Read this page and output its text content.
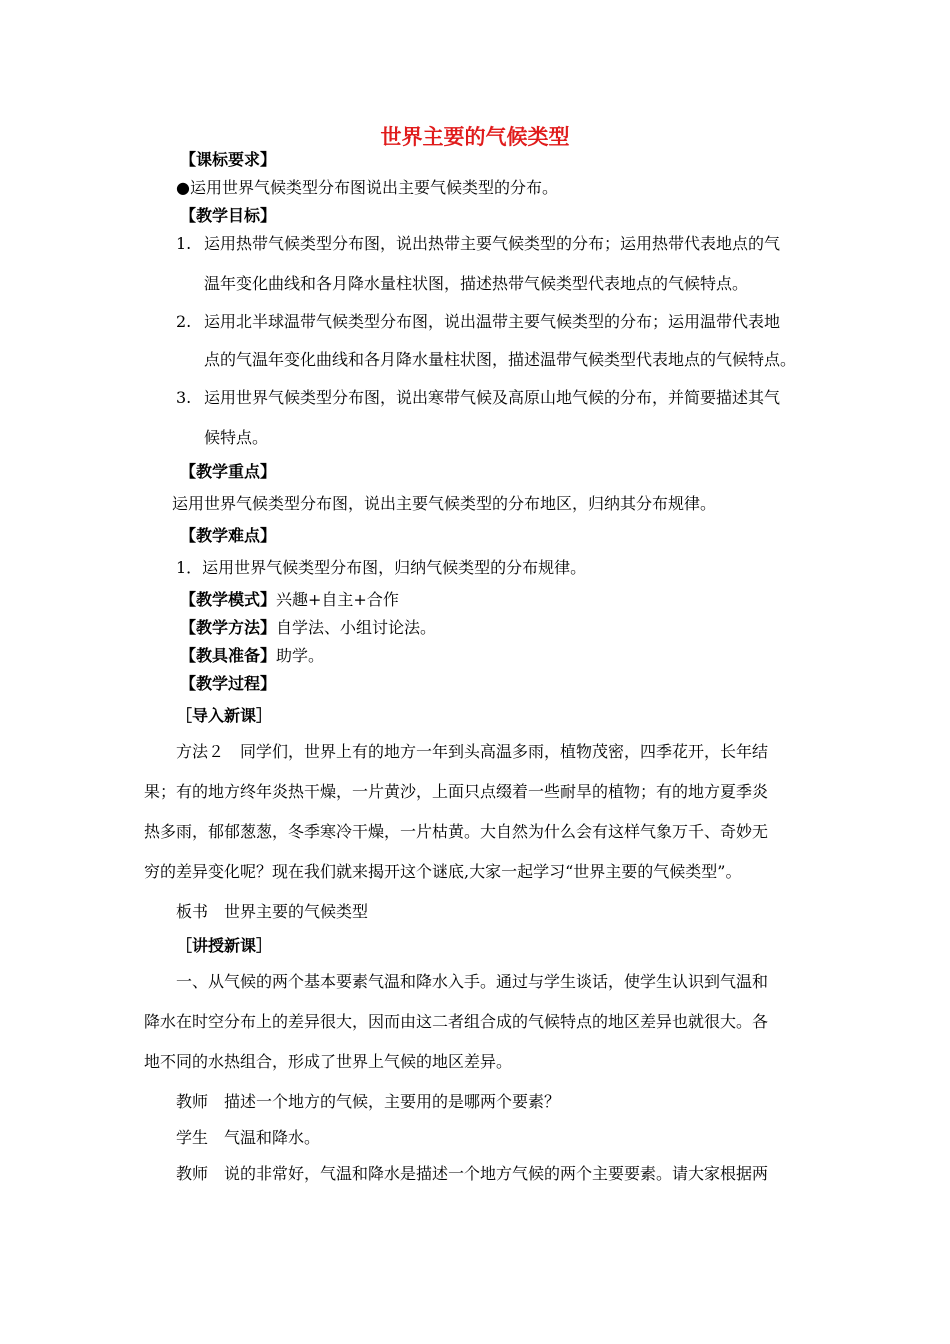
世界主要的气候类型
【课标要求】
●运用世界气候类型分布图说出主要气候类型的分布。
【教学目标】
1. 运用热带气候类型分布图，说出热带主要气候类型的分布；运用热带代表地点的气
温年变化曲线和各月降水量柱状图，描述热带气候类型代表地点的气候特点。
2. 运用北半球温带气候类型分布图，说出温带主要气候类型的分布；运用温带代表地
点的气温年变化曲线和各月降水量柱状图，描述温带气候类型代表地点的气候特点。
3. 运用世界气候类型分布图，说出寒带气候及高原山地气候的分布，并简要描述其气
候特点。
【教学重点】
运用世界气候类型分布图，说出主要气候类型的分布地区，归纳其分布规律。
【教学难点】
1．运用世界气候类型分布图，归纳气候类型的分布规律。
【教学模式】兴趣+自主+合作
【教学方法】自学法、小组讨论法。
【教具准备】助学。
【教学过程】
［导入新课］
方法２　同学们，世界上有的地方一年到头高温多雨，植物茂密，四季花开，长年结
果；有的地方终年炎热干燥，一片黄沙，上面只点缀着一些耐旱的植物；有的地方夏季炎
热多雨，郁郁葱葱，冬季寒冷干燥，一片枯黄。大自然为什么会有这样气象万千、奇妙无
穷的差异变化呢？现在我们就来揭开这个谜底,大家一起学习“世界主要的气候类型”。
板书　世界主要的气候类型
［讲授新课］
一、从气候的两个基本要素气温和降水入手。通过与学生谈话，使学生认识到气温和
降水在时空分布上的差异很大，因而由这二者组合成的气候特点的地区差异也就很大。各
地不同的水热组合，形成了世界上气候的地区差异。
教师　描述一个地方的气候，主要用的是哪两个要素？
学生　气温和降水。
教师　说的非常好，气温和降水是描述一个地方气候的两个主要要素。请大家根据两
